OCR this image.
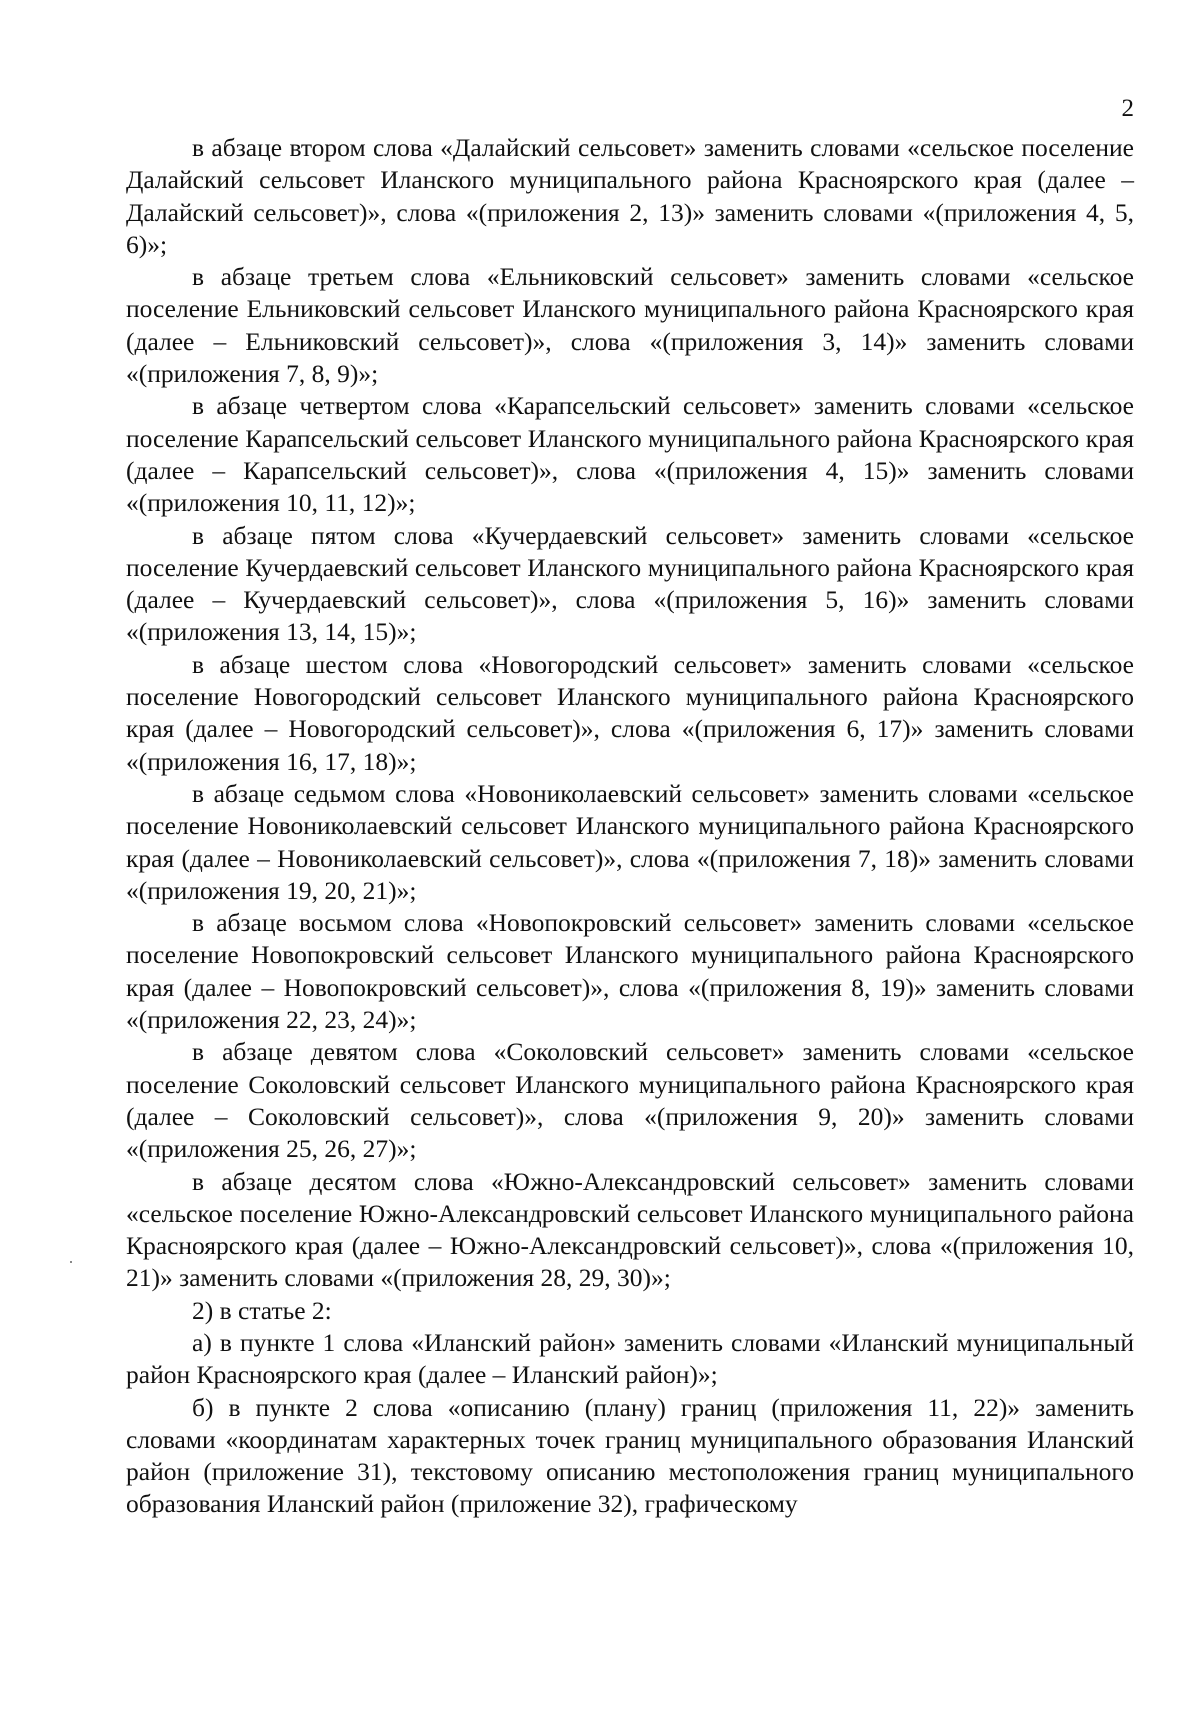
2

в абзаце втором слова «Далайский сельсовет» заменить словами «сельское поселение Далайский сельсовет Иланского муниципального района Красноярского края (далее – Далайский сельсовет)», слова «(приложения 2, 13)» заменить словами «(приложения 4, 5, 6)»;

в абзаце третьем слова «Ельниковский сельсовет» заменить словами «сельское поселение Ельниковский сельсовет Иланского муниципального района Красноярского края (далее – Ельниковский сельсовет)», слова «(приложения 3, 14)» заменить словами «(приложения 7, 8, 9)»;

в абзаце четвертом слова «Карапсельский сельсовет» заменить словами «сельское поселение Карапсельский сельсовет Иланского муниципального района Красноярского края (далее – Карапсельский сельсовет)», слова «(приложения 4, 15)» заменить словами «(приложения 10, 11, 12)»;

в абзаце пятом слова «Кучердаевский сельсовет» заменить словами «сельское поселение Кучердаевский сельсовет Иланского муниципального района Красноярского края (далее – Кучердаевский сельсовет)», слова «(приложения 5, 16)» заменить словами «(приложения 13, 14, 15)»;

в абзаце шестом слова «Новогородский сельсовет» заменить словами «сельское поселение Новогородский сельсовет Иланского муниципального района Красноярского края (далее – Новогородский сельсовет)», слова «(приложения 6, 17)» заменить словами «(приложения 16, 17, 18)»;

в абзаце седьмом слова «Новониколаевский сельсовет» заменить словами «сельское поселение Новониколаевский сельсовет Иланского муниципального района Красноярского края (далее – Новониколаевский сельсовет)», слова «(приложения 7, 18)» заменить словами «(приложения 19, 20, 21)»;

в абзаце восьмом слова «Новопокровский сельсовет» заменить словами «сельское поселение Новопокровский сельсовет Иланского муниципального района Красноярского края (далее – Новопокровский сельсовет)», слова «(приложения 8, 19)» заменить словами «(приложения 22, 23, 24)»;

в абзаце девятом слова «Соколовский сельсовет» заменить словами «сельское поселение Соколовский сельсовет Иланского муниципального района Красноярского края (далее – Соколовский сельсовет)», слова «(приложения 9, 20)» заменить словами «(приложения 25, 26, 27)»;

в абзаце десятом слова «Южно-Александровский сельсовет» заменить словами «сельское поселение Южно-Александровский сельсовет Иланского муниципального района Красноярского края (далее – Южно-Александровский сельсовет)», слова «(приложения 10, 21)» заменить словами «(приложения 28, 29, 30)»;

2) в статье 2:

а) в пункте 1 слова «Иланский район» заменить словами «Иланский муниципальный район Красноярского края (далее – Иланский район)»;

б) в пункте 2 слова «описанию (плану) границ (приложения 11, 22)» заменить словами «координатам характерных точек границ муниципального образования Иланский район (приложение 31), текстовому описанию местоположения границ муниципального образования Иланский район (приложение 32), графическому
